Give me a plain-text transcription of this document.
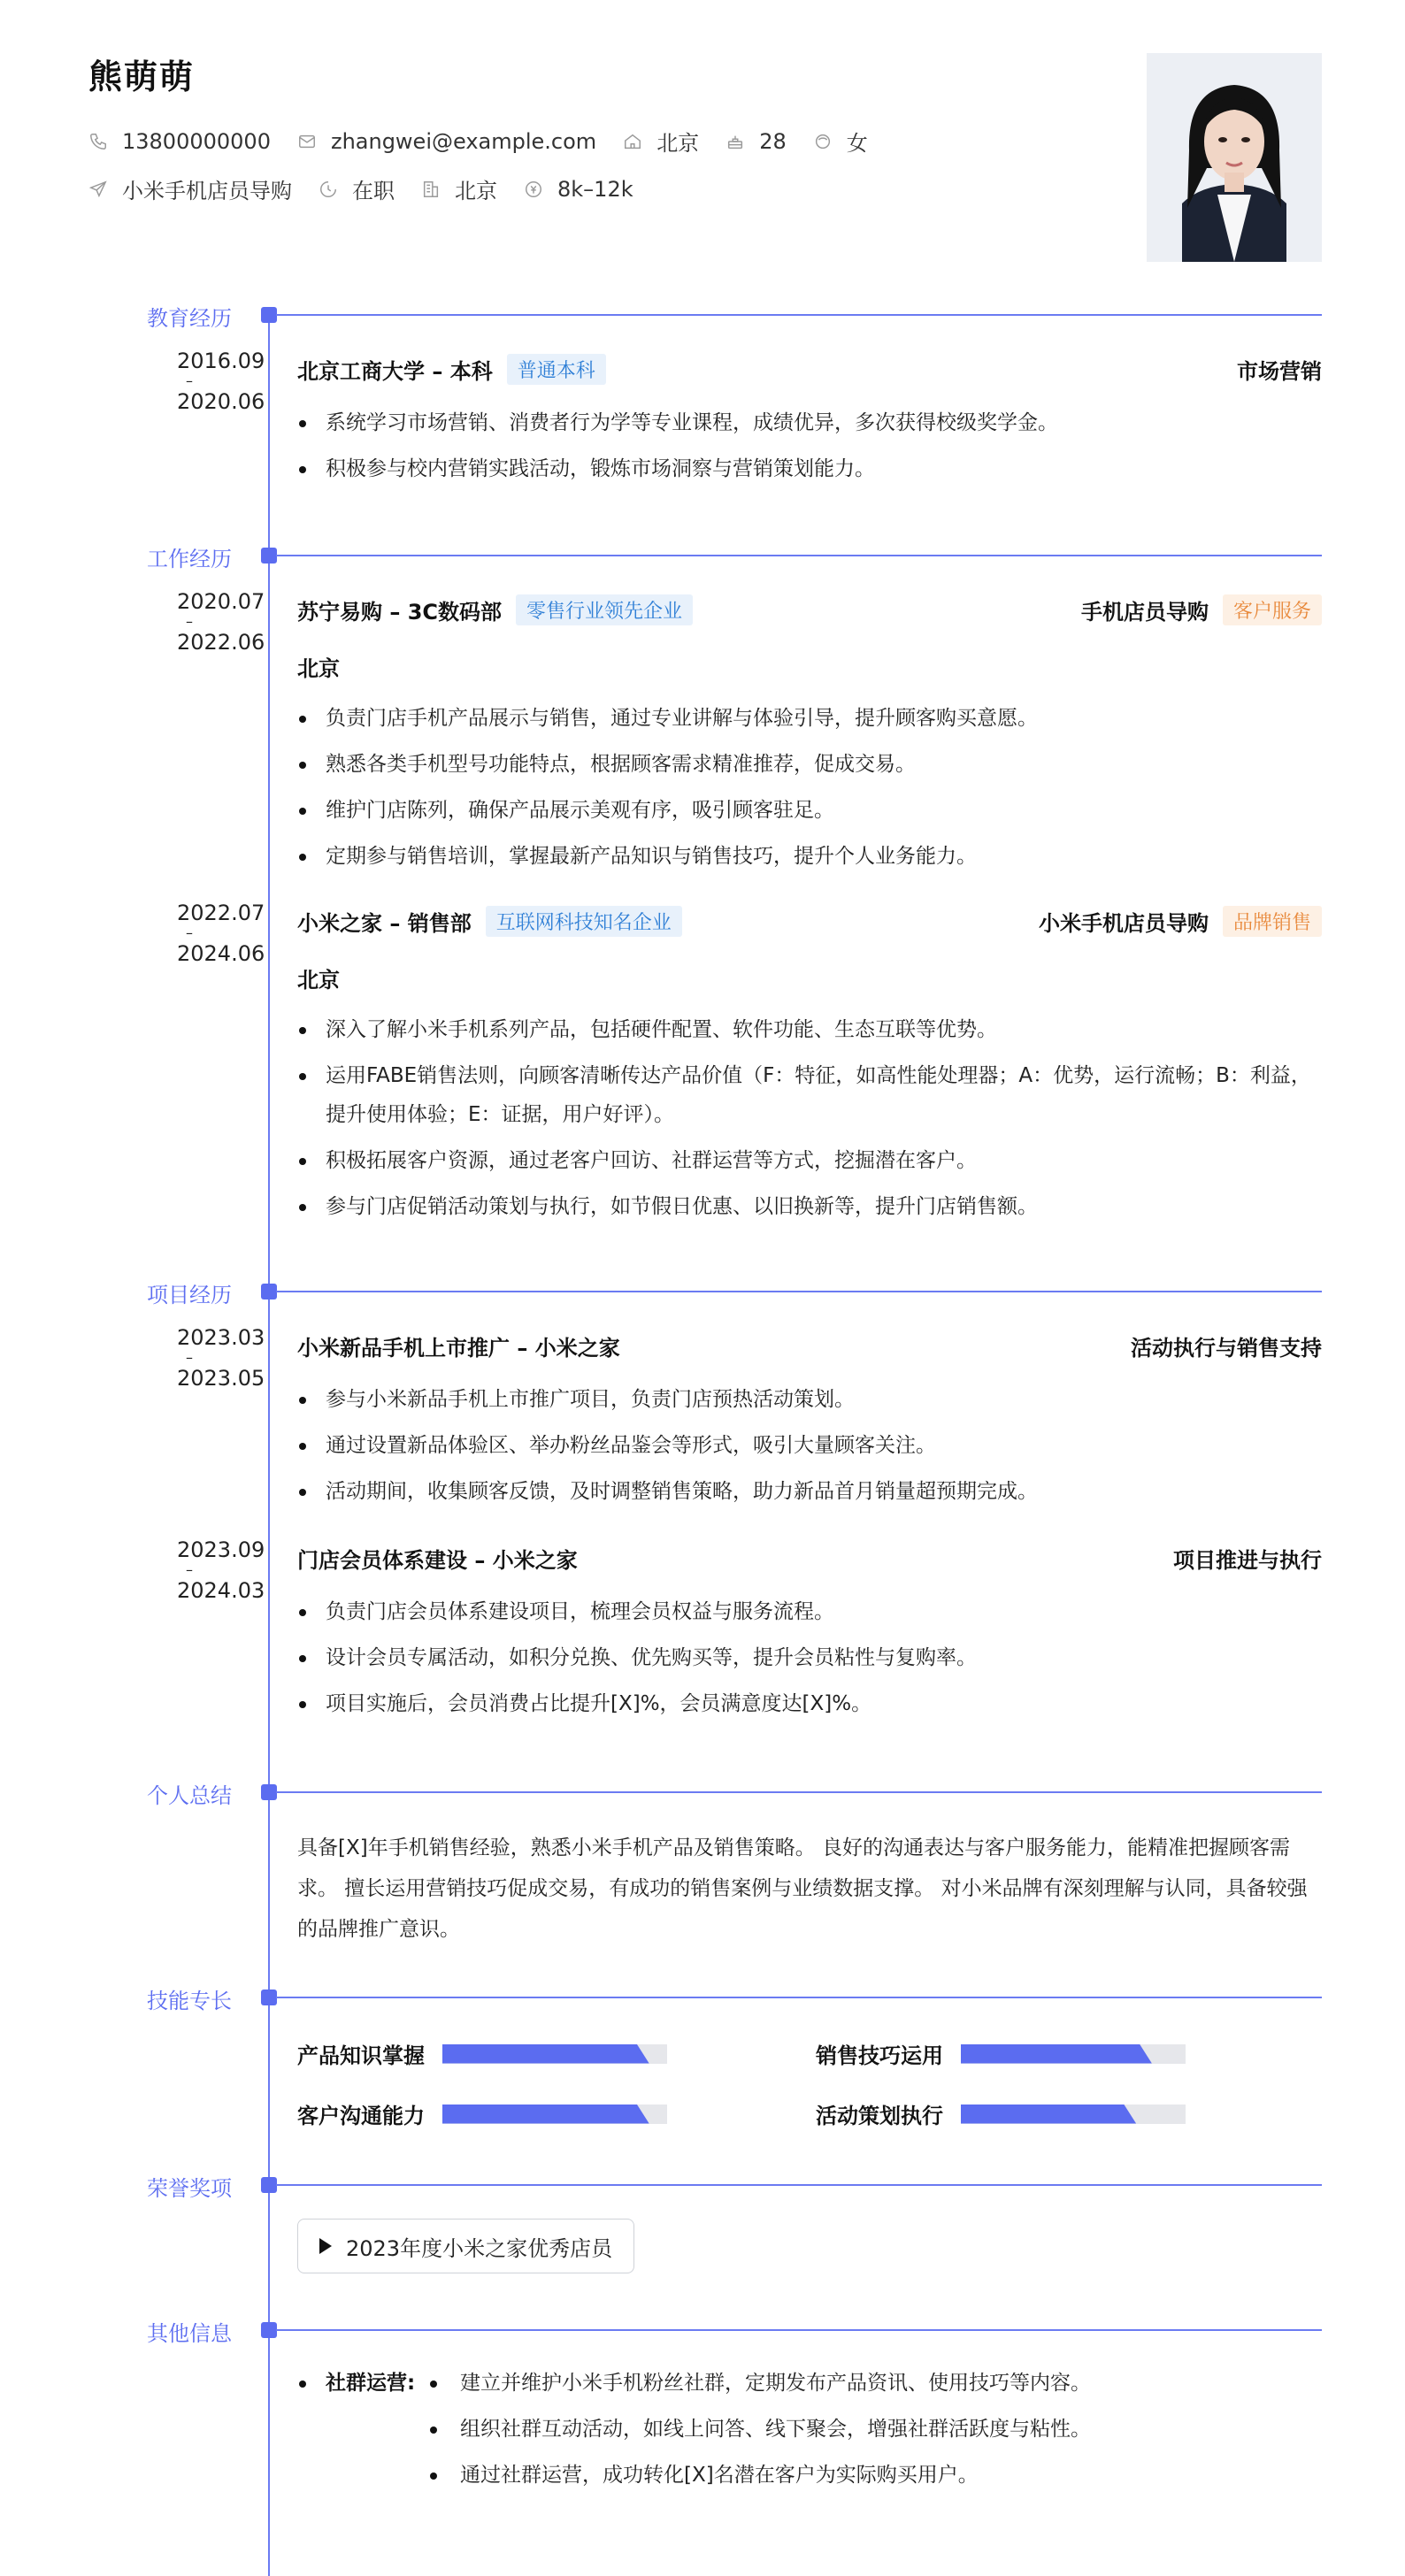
熊萌萌
13800000000	zhangwei@example.com	北京	28	女
小米手机店员导购	在职	北京	8k–12k
教育经历
2016.09
–
2020.06
北京工商大学 – 本科	普通本科	市场营销
系统学习市场营销、消费者行为学等专业课程，成绩优异，多次获得校级奖学金。
积极参与校内营销实践活动，锻炼市场洞察与营销策划能力。
工作经历
2020.07
–
2022.06
苏宁易购 – 3C数码部	零售行业领先企业	手机店员导购	客户服务
北京
负责门店手机产品展示与销售，通过专业讲解与体验引导，提升顾客购买意愿。
熟悉各类手机型号功能特点，根据顾客需求精准推荐，促成交易。
维护门店陈列，确保产品展示美观有序，吸引顾客驻足。
定期参与销售培训，掌握最新产品知识与销售技巧，提升个人业务能力。
2022.07
–
2024.06
小米之家 – 销售部	互联网科技知名企业	小米手机店员导购	品牌销售
北京
深入了解小米手机系列产品，包括硬件配置、软件功能、生态互联等优势。
运用FABE销售法则，向顾客清晰传达产品价值（F：特征，如高性能处理器；A：优势，运行流畅；B：利益，提升使用体验；E：证据，用户好评）。
积极拓展客户资源，通过老客户回访、社群运营等方式，挖掘潜在客户。
参与门店促销活动策划与执行，如节假日优惠、以旧换新等，提升门店销售额。
项目经历
2023.03
–
2023.05
小米新品手机上市推广 – 小米之家	活动执行与销售支持
参与小米新品手机上市推广项目，负责门店预热活动策划。
通过设置新品体验区、举办粉丝品鉴会等形式，吸引大量顾客关注。
活动期间，收集顾客反馈，及时调整销售策略，助力新品首月销量超预期完成。
2023.09
–
2024.03
门店会员体系建设 – 小米之家	项目推进与执行
负责门店会员体系建设项目，梳理会员权益与服务流程。
设计会员专属活动，如积分兑换、优先购买等，提升会员粘性与复购率。
项目实施后，会员消费占比提升[X]%，会员满意度达[X]%。
个人总结
具备[X]年手机销售经验，熟悉小米手机产品及销售策略。 良好的沟通表达与客户服务能力，能精准把握顾客需求。 擅长运用营销技巧促成交易，有成功的销售案例与业绩数据支撑。 对小米品牌有深刻理解与认同，具备较强的品牌推广意识。
技能专长
产品知识掌握	销售技巧运用
客户沟通能力	活动策划执行
荣誉奖项
2023年度小米之家优秀店员
其他信息
社群运营:	建立并维护小米手机粉丝社群，定期发布产品资讯、使用技巧等内容。
组织社群互动活动，如线上问答、线下聚会，增强社群活跃度与粘性。
通过社群运营，成功转化[X]名潜在客户为实际购买用户。
